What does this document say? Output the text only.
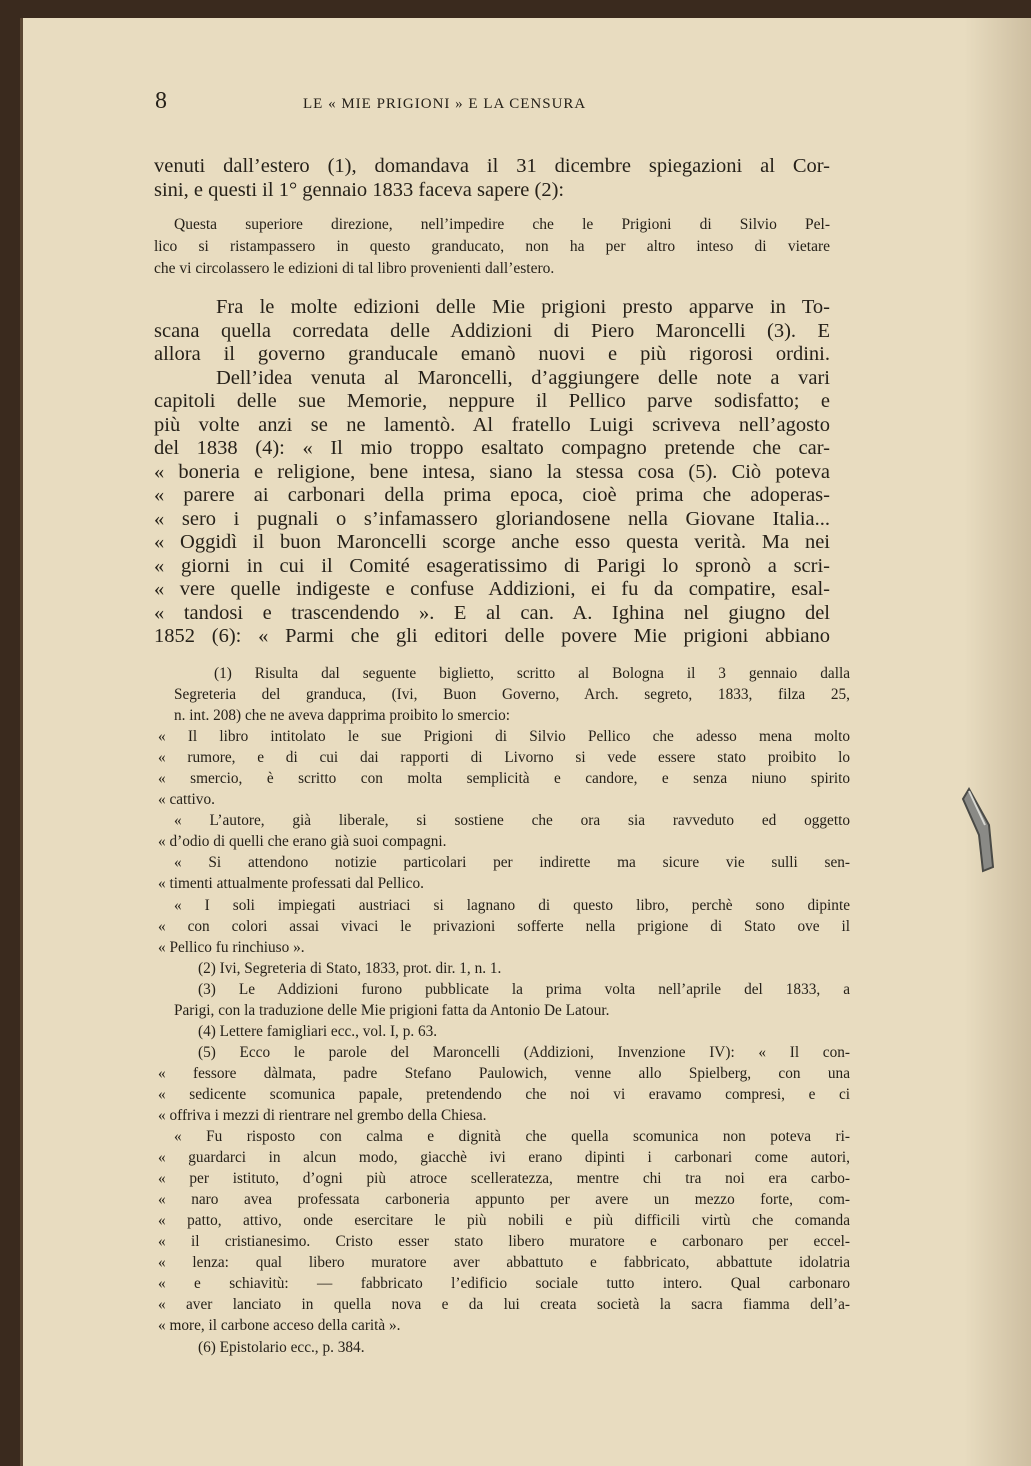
8	LE « MIE PRIGIONI » E LA CENSURA
venuti dall’estero (1), domandava il 31 dicembre spiegazioni al Cor-
sini, e questi il 1° gennaio 1833 faceva sapere (2):
Questa superiore direzione, nell’impedire che le Prigioni di Silvio Pel-
lico si ristampassero in questo granducato, non ha per altro inteso di vietare
che vi circolassero le edizioni di tal libro provenienti dall’estero.
Fra le molte edizioni delle Mie prigioni presto apparve in To-
scana quella corredata delle Addizioni di Piero Maroncelli (3). E
allora il governo granducale emanò nuovi e più rigorosi ordini.
Dell’idea venuta al Maroncelli, d’aggiungere delle note a vari
capitoli delle sue Memorie, neppure il Pellico parve sodisfatto; e
più volte anzi se ne lamentò. Al fratello Luigi scriveva nell’agosto
del 1838 (4): « Il mio troppo esaltato compagno pretende che car-
« boneria e religione, bene intesa, siano la stessa cosa (5). Ciò poteva
« parere ai carbonari della prima epoca, cioè prima che adoperas-
« sero i pugnali o s’infamassero gloriandosene nella Giovane Italia...
« Oggidì il buon Maroncelli scorge anche esso questa verità. Ma nei
« giorni in cui il Comité esageratissimo di Parigi lo spronò a scri-
« vere quelle indigeste e confuse Addizioni, ei fu da compatire, esal-
« tandosi e trascendendo ». E al can. A. Ighina nel giugno del
1852 (6): « Parmi che gli editori delle povere Mie prigioni abbiano
(1) Risulta dal seguente biglietto, scritto al Bologna il 3 gennaio dalla
Segreteria del granduca, (Ivi, Buon Governo, Arch. segreto, 1833, filza 25,
n. int. 208) che ne aveva dapprima proibito lo smercio:
« Il libro intitolato le sue Prigioni di Silvio Pellico che adesso mena molto
« rumore, e di cui dai rapporti di Livorno si vede essere stato proibito lo
« smercio, è scritto con molta semplicità e candore, e senza niuno spirito
« cattivo.
« L’autore, già liberale, si sostiene che ora sia ravveduto ed oggetto
« d’odio di quelli che erano già suoi compagni.
« Si attendono notizie particolari per indirette ma sicure vie sulli sen-
« timenti attualmente professati dal Pellico.
« I soli impiegati austriaci si lagnano di questo libro, perchè sono dipinte
« con colori assai vivaci le privazioni sofferte nella prigione di Stato ove il
« Pellico fu rinchiuso ».
(2) Ivi, Segreteria di Stato, 1833, prot. dir. 1, n. 1.
(3) Le Addizioni furono pubblicate la prima volta nell’aprile del 1833, a
Parigi, con la traduzione delle Mie prigioni fatta da Antonio De Latour.
(4) Lettere famigliari ecc., vol. I, p. 63.
(5) Ecco le parole del Maroncelli (Addizioni, Invenzione IV): « Il con-
« fessore dàlmata, padre Stefano Paulowich, venne allo Spielberg, con una
« sedicente scomunica papale, pretendendo che noi vi eravamo compresi, e ci
« offriva i mezzi di rientrare nel grembo della Chiesa.
« Fu risposto con calma e dignità che quella scomunica non poteva ri-
« guardarci in alcun modo, giacchè ivi erano dipinti i carbonari come autori,
« per istituto, d’ogni più atroce scelleratezza, mentre chi tra noi era carbo-
« naro avea professata carboneria appunto per avere un mezzo forte, com-
« patto, attivo, onde esercitare le più nobili e più difficili virtù che comanda
« il cristianesimo. Cristo esser stato libero muratore e carbonaro per eccel-
« lenza: qual libero muratore aver abbattuto e fabbricato, abbattute idolatria
« e schiavitù: — fabbricato l’edificio sociale tutto intero. Qual carbonaro
« aver lanciato in quella nova e da lui creata società la sacra fiamma dell’a-
« more, il carbone acceso della carità ».
(6) Epistolario ecc., p. 384.
